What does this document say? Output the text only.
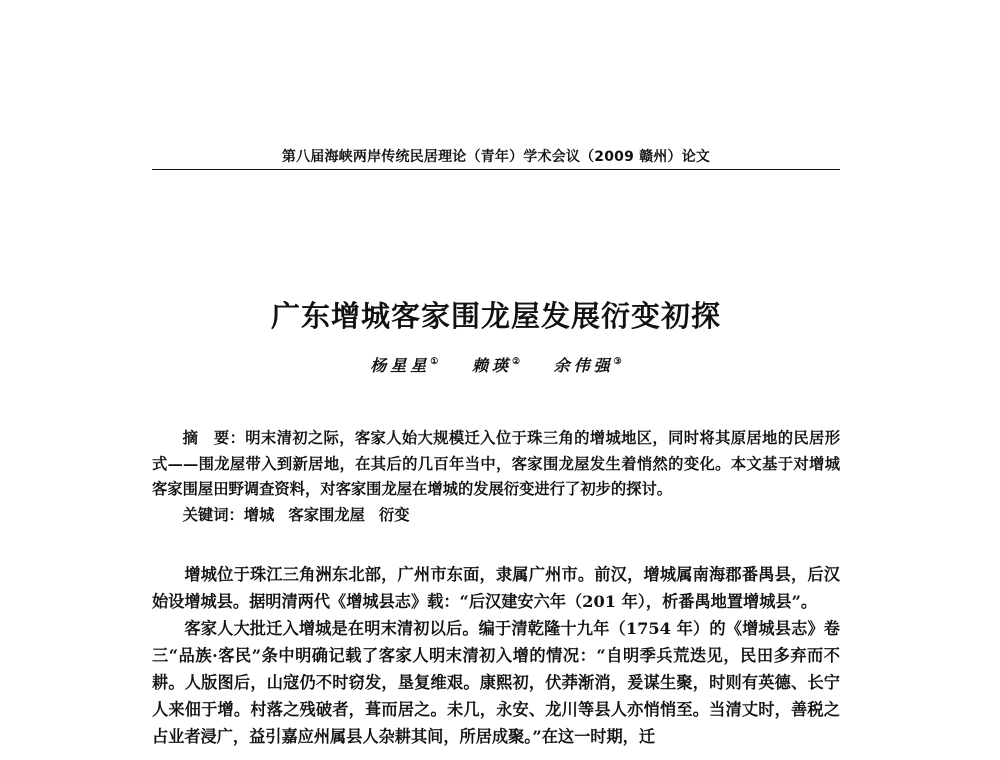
第八届海峡两岸传统民居理论（青年）学术会议（2009 赣州）论文
广东增城客家围龙屋发展衍变初探
杨星星① 赖瑛② 余伟强③

摘　要：明末清初之际，客家人始大规模迁入位于珠三角的增城地区，同时将其原居地的民居形式——围龙屋带入到新居地，在其后的几百年当中，客家围龙屋发生着悄然的变化。本文基于对增城客家围屋田野调查资料，对客家围龙屋在增城的发展衍变进行了初步的探讨。

关键词：增城 客家围龙屋 衍变

增城位于珠江三角洲东北部，广州市东面，隶属广州市。前汉，增城属南海郡番禺县，后汉始设增城县。据明清两代《增城县志》载：“后汉建安六年（201 年），析番禺地置增城县”。

客家人大批迁入增城是在明末清初以后。编于清乾隆十九年（1754 年）的《增城县志》卷三“品族·客民”条中明确记载了客家人明末清初入增的情况：“自明季兵荒迭见，民田多弃而不耕。人版图后，山寇仍不时窃发，垦复维艰。康熙初，伏莽渐消，爰谋生聚，时则有英德、长宁人来佃于增。村落之残破者，葺而居之。未几，永安、龙川等县人亦悄悄至。当清丈时，善税之占业者浸广，益引嘉应州属县人杂耕其间，所居成聚。”在这一时期，迁
